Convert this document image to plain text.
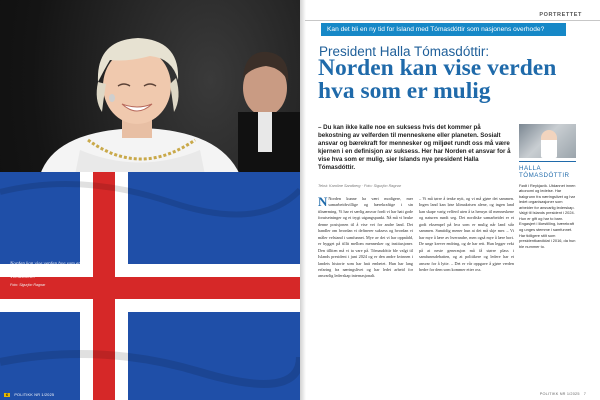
Norden kan vise verden hva som er mulig, sier Islands president Halla Tómasdóttir.
Foto: Sigurjón Ragnar
6	POLITIKK NR 1/2025
PORTRETTET
Kan det bli en ny tid for Island med Tómasdóttir som nasjonens overhode?
President Halla Tómasdóttir:
Norden kan vise verden hva som er mulig
– Du kan ikke kalle noe en suksess hvis det kommer på bekostning av velferden til menneskene eller planeten. Sosialt ansvar og bærekraft for mennesker og miljøet rundt oss må være kjernen i en definisjon av suksess. Her har Norden et ansvar for å vise hva som er mulig, sier Islands nye president Halla Tómasdóttir.
Tekst: Karoline Sandberg · Foto: Sigurjón Ragnar
N Norden kunne ha vært modigere, mer samarbeidsvillige og bærekraftige i sin tilnærming. Vi har et særlig ansvar fordi vi har hatt gode forutsetninger og et trygt utgangspunkt. Nå må vi bruke denne posisjonen til å vise vei for andre land. Det handler om hvordan vi definerer suksess og hvordan vi måler velstand i samfunnet. Mye av det vi har oppnådd, er bygget på tillit mellom mennesker og institusjoner. Den tilliten må vi ta vare på. Tómasdóttir ble valgt til Islands president i juni 2024 og er den andre kvinnen i landets historie som har hatt embetet. Hun har lang erfaring fra næringslivet og har ledet arbeid for ansvarlig lederskap internasjonalt.
– Vi må tørre å tenke nytt, og vi må gjøre det sammen. Ingen land kan løse klimakrisen alene, og ingen land kan skape varig velferd uten å ta hensyn til menneskene og naturen rundt seg. Det nordiske samarbeidet er et godt eksempel på hva som er mulig når land står sammen. Samtidig mener hun at det må skje mer. – Vi har mye å lære av hverandre, men også mye å lære bort. De unge krever endring, og de har rett. Hun legger vekt på at neste generasjon må få større plass i samfunnsdebatten, og at politikere og ledere har et ansvar for å lytte. – Det er vår oppgave å gjøre verden bedre for dem som kommer etter oss.
HALLA TÓMASDÓTTIR
Født i Reykjavík. Utdannet innen økonomi og ledelse. Har bakgrunn fra næringslivet og har ledet organisasjoner som arbeider for ansvarlig lederskap. Valgt til Islands president i 2024. Hun er gift og har to barn. Engasjert i likestilling, bærekraft og unges stemme i samfunnet. Har tidligere stilt som presidentkandidat i 2016, da hun ble nummer to.
POLITIKK NR 1/2025 7
